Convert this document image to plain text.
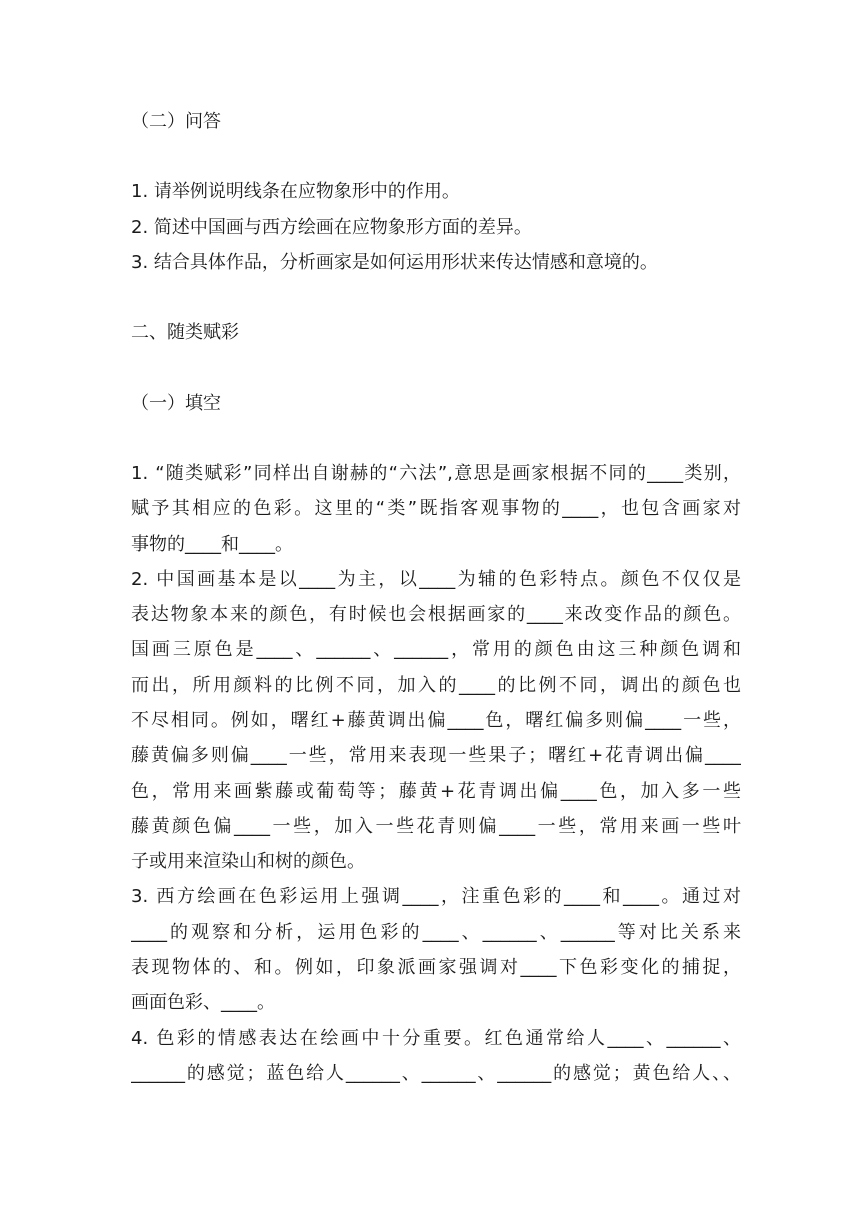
（二）问答
1. 请举例说明线条在应物象形中的作用。
2. 简述中国画与西方绘画在应物象形方面的差异。
3. 结合具体作品，分析画家是如何运用形状来传达情感和意境的。
二、随类赋彩
（一）填空
1. “随类赋彩”同样出自谢赫的“六法”,意思是画家根据不同的____类别，
赋予其相应的色彩。这里的“类”既指客观事物的____，也包含画家对
事物的____和____。
2. 中国画基本是以____为主，以____为辅的色彩特点。颜色不仅仅是
表达物象本来的颜色，有时候也会根据画家的____来改变作品的颜色。
国画三原色是____、______、______，常用的颜色由这三种颜色调和
而出，所用颜料的比例不同，加入的____的比例不同，调出的颜色也
不尽相同。例如，曙红+藤黄调出偏____色，曙红偏多则偏____一些，
藤黄偏多则偏____一些，常用来表现一些果子；曙红+花青调出偏____
色，常用来画紫藤或葡萄等；藤黄+花青调出偏____色，加入多一些
藤黄颜色偏____一些，加入一些花青则偏____一些，常用来画一些叶
子或用来渲染山和树的颜色。
3. 西方绘画在色彩运用上强调____，注重色彩的____和____。通过对
____的观察和分析，运用色彩的____、______、______等对比关系来
表现物体的、和。例如，印象派画家强调对____下色彩变化的捕捉，
画面色彩、____。
4. 色彩的情感表达在绘画中十分重要。红色通常给人____、______、
______的感觉；蓝色给人______、______、______的感觉；黄色给人、、
